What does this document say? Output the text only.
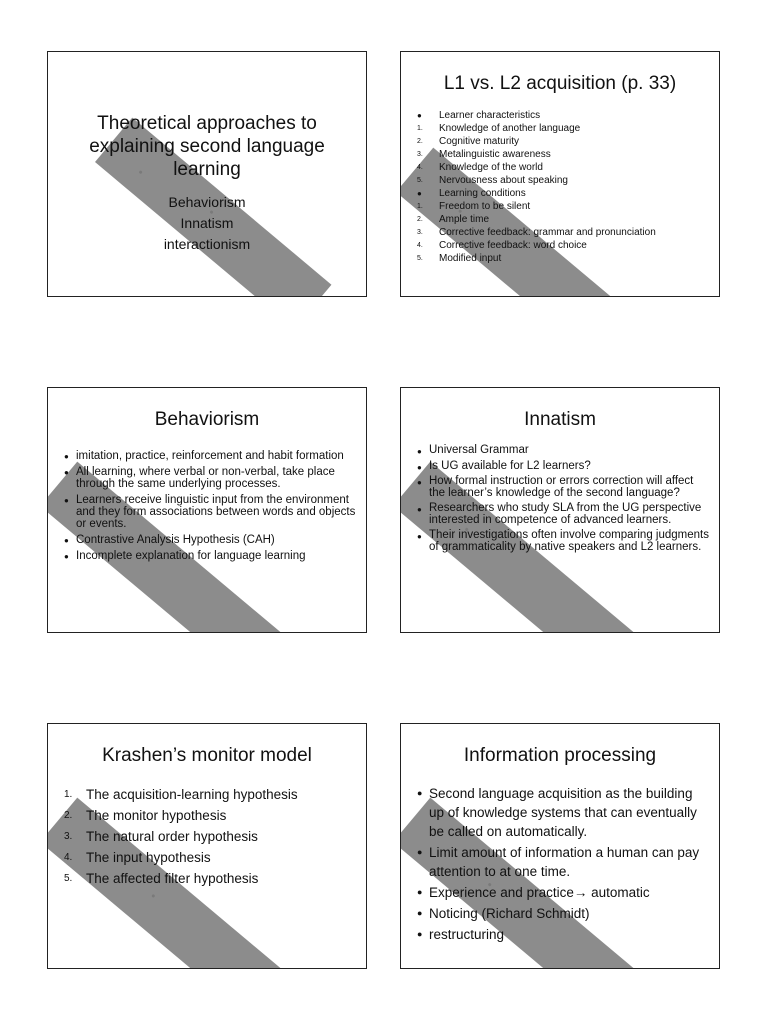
Theoretical approaches to explaining second language learning
Behaviorism
Innatism
interactionism
L1 vs. L2 acquisition (p. 33)
● Learner characteristics
1. Knowledge of another language
2. Cognitive maturity
3. Metalinguistic awareness
4. Knowledge of the world
5. Nervousness about speaking
● Learning conditions
1. Freedom to be silent
2. Ample time
3. Corrective feedback: grammar and pronunciation
4. Corrective feedback: word choice
5. Modified input
Behaviorism
● imitation, practice, reinforcement and habit formation
● All learning, where verbal or non-verbal, take place through the same underlying processes.
● Learners receive linguistic input from the environment and they form associations between words and objects or events.
● Contrastive Analysis Hypothesis (CAH)
● Incomplete explanation for language learning
Innatism
● Universal Grammar
● Is UG available for L2 learners?
● How formal instruction or errors correction will affect the learner’s knowledge of the second language?
● Researchers who study SLA from the UG perspective interested in competence of advanced learners.
● Their investigations often involve comparing judgments of grammaticality by native speakers and L2 learners.
Krashen’s monitor model
1. The acquisition-learning hypothesis
2. The monitor hypothesis
3. The natural order hypothesis
4. The input hypothesis
5. The affected filter hypothesis
Information processing
● Second language acquisition as the building up of knowledge systems that can eventually be called on automatically.
● Limit amount of information a human can pay attention to at one time.
● Experience and practice→ automatic
● Noticing (Richard Schmidt)
● restructuring
